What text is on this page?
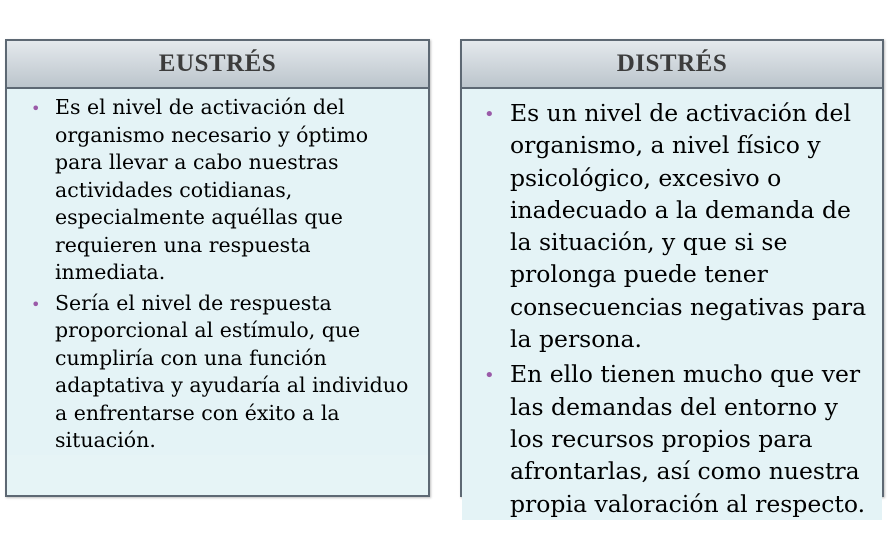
EUSTRÉS
• Es el nivel de activación del organismo necesario y óptimo para llevar a cabo nuestras actividades cotidianas, especialmente aquéllas que requieren una respuesta inmediata.
• Sería el nivel de respuesta proporcional al estímulo, que cumpliría con una función adaptativa y ayudaría al individuo a enfrentarse con éxito a la situación.
DISTRÉS
• Es un nivel de activación del organismo, a nivel físico y psicológico, excesivo o inadecuado a la demanda de la situación, y que si se prolonga puede tener consecuencias negativas para la persona.
• En ello tienen mucho que ver las demandas del entorno y los recursos propios para afrontarlas, así como nuestra propia valoración al respecto.
